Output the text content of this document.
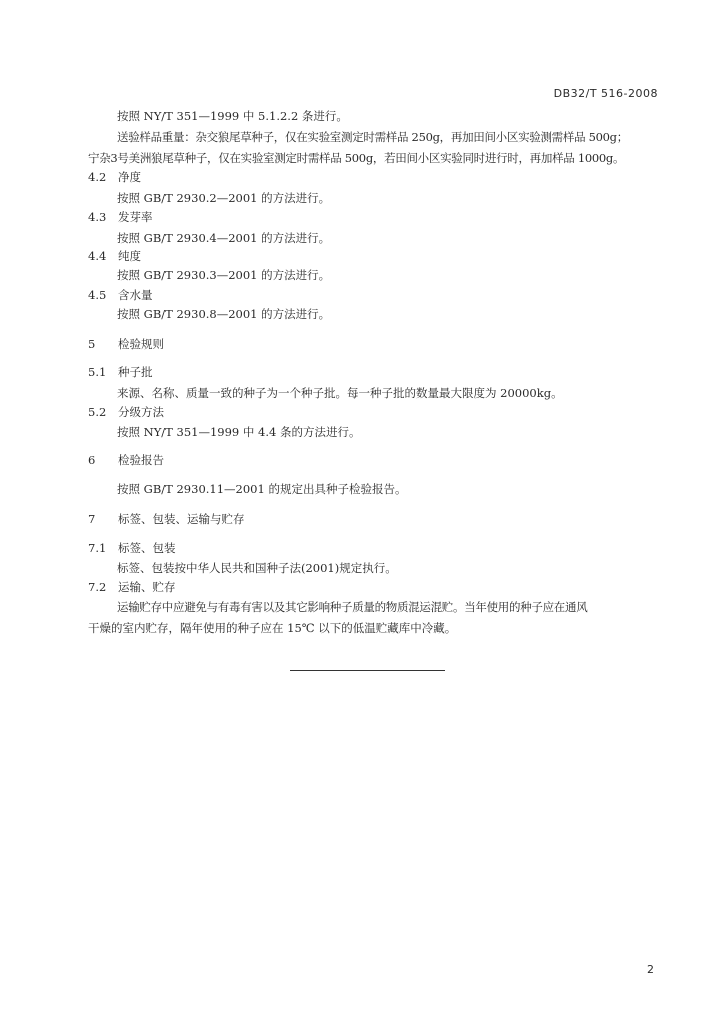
DB32/T 516-2008
按照 NY/T 351—1999 中 5.1.2.2 条进行。
送验样品重量：杂交狼尾草种子，仅在实验室测定时需样品 250g，再加田间小区实验测需样品 500g；
宁杂3号美洲狼尾草种子，仅在实验室测定时需样品 500g，若田间小区实验同时进行时，再加样品 1000g。
4.2 净度
按照 GB/T 2930.2—2001 的方法进行。
4.3 发芽率
按照 GB/T 2930.4—2001 的方法进行。
4.4 纯度
按照 GB/T 2930.3—2001 的方法进行。
4.5 含水量
按照 GB/T 2930.8—2001 的方法进行。
5 检验规则
5.1 种子批
来源、名称、质量一致的种子为一个种子批。每一种子批的数量最大限度为 20000kg。
5.2 分级方法
按照 NY/T 351—1999 中 4.4 条的方法进行。
6 检验报告
按照 GB/T 2930.11—2001 的规定出具种子检验报告。
7 标签、包装、运输与贮存
7.1 标签、包装
标签、包装按中华人民共和国种子法(2001)规定执行。
7.2 运输、贮存
运输贮存中应避免与有毒有害以及其它影响种子质量的物质混运混贮。当年使用的种子应在通风
干燥的室内贮存，隔年使用的种子应在 15℃ 以下的低温贮藏库中冷藏。
2
